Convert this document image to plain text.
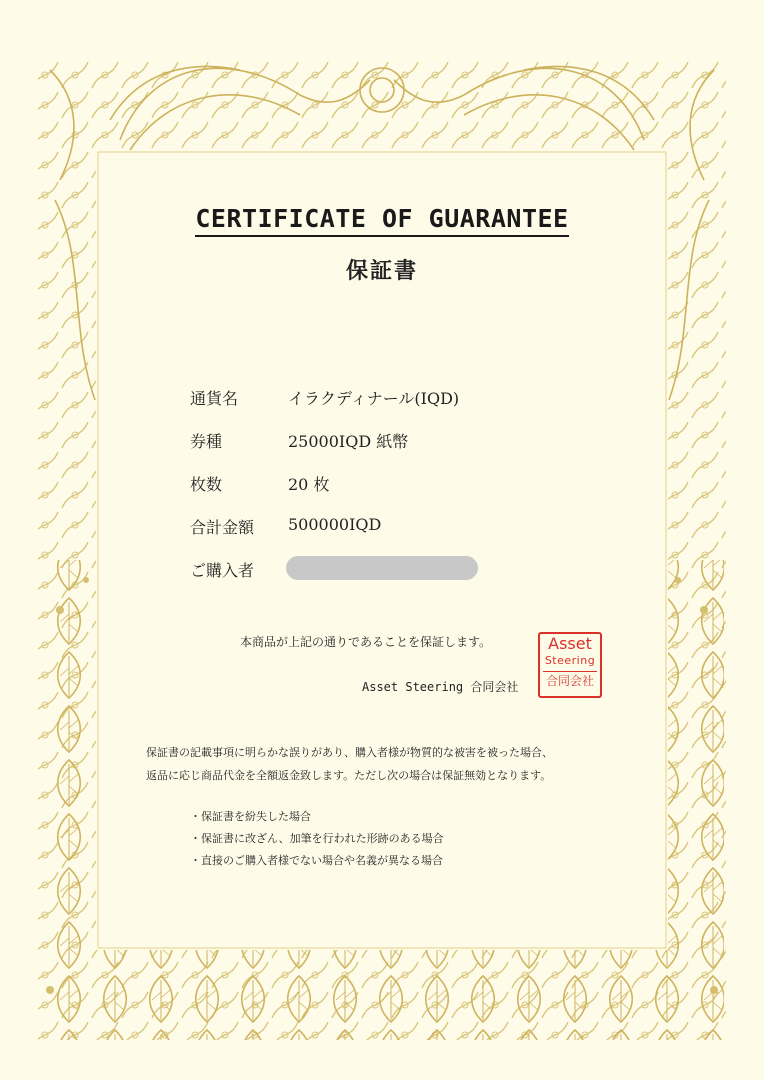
CERTIFICATE OF GUARANTEE
保証書
通貨名	イラクディナール(IQD)
券種	25000IQD 紙幣
枚数	20 枚
合計金額	500000IQD
ご購入者
本商品が上記の通りであることを保証します。
Asset Steering 合同会社
Asset
Steering
合同会社
保証書の記載事項に明らかな誤りがあり、購入者様が物質的な被害を被った場合、
返品に応じ商品代金を全額返金致します。ただし次の場合は保証無効となります。
・ 保証書を紛失した場合
・ 保証書に改ざん、加筆を行われた形跡のある場合
・ 直接のご購入者様でない場合や名義が異なる場合
